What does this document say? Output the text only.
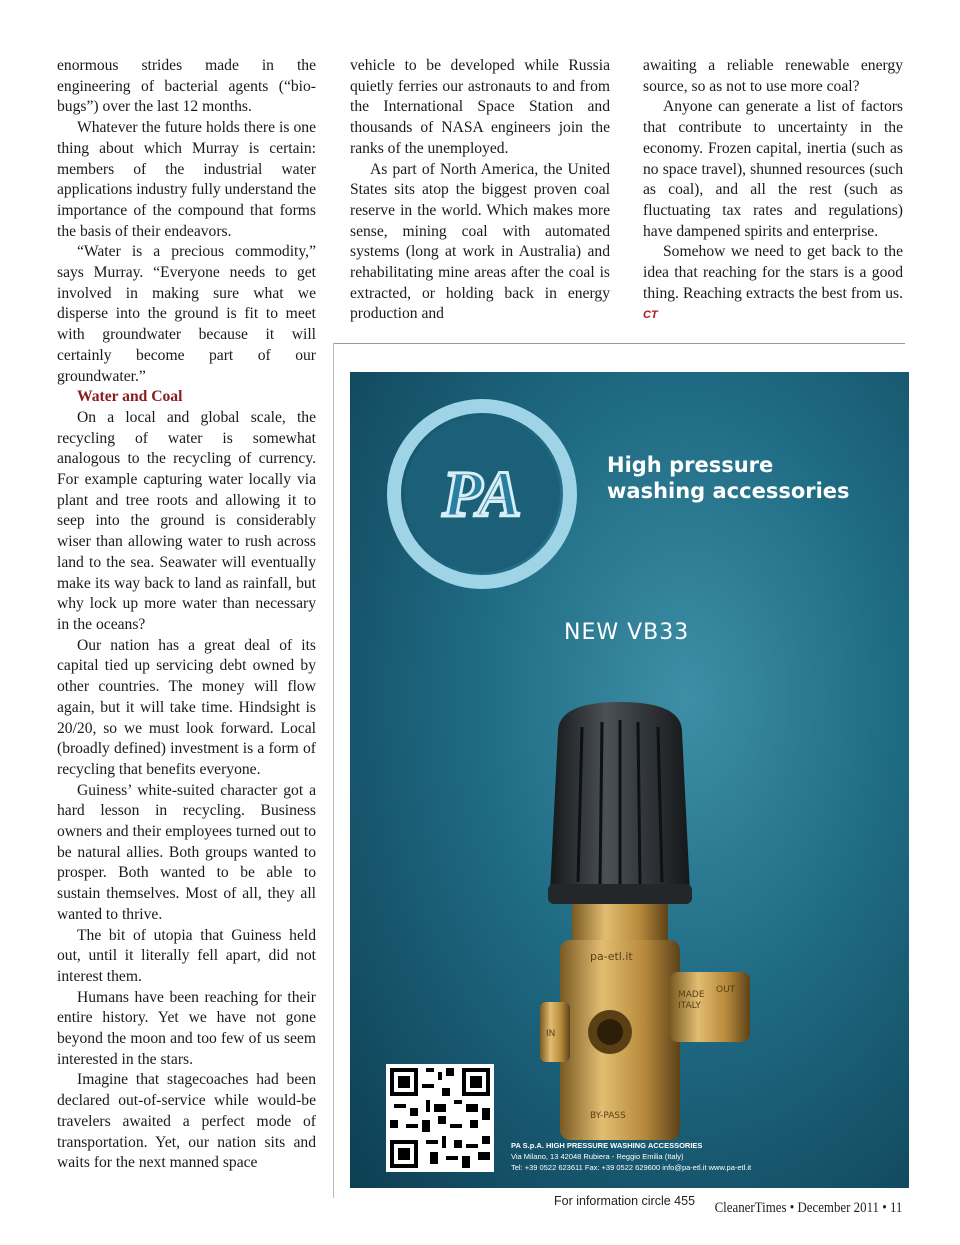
enormous strides made in the engineering of bacterial agents (“bio-bugs”) over the last 12 months.

Whatever the future holds there is one thing about which Murray is certain: members of the industrial water applications industry fully understand the importance of the compound that forms the basis of their endeavors.

“Water is a precious commodity,” says Murray. “Everyone needs to get involved in making sure what we disperse into the ground is fit to meet with groundwater because it will certainly become part of our groundwater.”

Water and Coal

On a local and global scale, the recycling of water is somewhat analogous to the recycling of currency. For example capturing water locally via plant and tree roots and allowing it to seep into the ground is considerably wiser than allowing water to rush across land to the sea. Seawater will eventually make its way back to land as rainfall, but why lock up more water than necessary in the oceans?

Our nation has a great deal of its capital tied up servicing debt owned by other countries. The money will flow again, but it will take time. Hindsight is 20/20, so we must look forward. Local (broadly defined) investment is a form of recycling that benefits everyone.

Guiness’ white-suited character got a hard lesson in recycling. Business owners and their employees turned out to be natural allies. Both groups wanted to prosper. Both wanted to be able to sustain themselves. Most of all, they all wanted to thrive.

The bit of utopia that Guiness held out, until it literally fell apart, did not interest them.

Humans have been reaching for their entire history. Yet we have not gone beyond the moon and too few of us seem interested in the stars.

Imagine that stagecoaches had been declared out-of-service while would-be travelers awaited a perfect mode of transportation. Yet, our nation sits and waits for the next manned space

vehicle to be developed while Russia quietly ferries our astronauts to and from the International Space Station and thousands of NASA engineers join the ranks of the unemployed.

As part of North America, the United States sits atop the biggest proven coal reserve in the world. Which makes more sense, mining coal with automated systems (long at work in Australia) and rehabilitating mine areas after the coal is extracted, or holding back in energy production and

awaiting a reliable renewable energy source, so as not to use more coal?

Anyone can generate a list of factors that contribute to uncertainty in the economy. Frozen capital, inertia (such as no space travel), shunned resources (such as coal), and all the rest (such as fluctuating tax rates and regulations) have dampened spirits and enterprise.

Somehow we need to get back to the idea that reaching for the stars is a good thing. Reaching extracts the best from us. CT

PA	High pressure
washing accessories
NEW VB33
pa-etl.it
MADE
ITALY
OUT
IN
BY-PASS
PA S.p.A. HIGH PRESSURE WASHING ACCESSORIES
Via Milano, 13 42048 Rubiera - Reggio Emilia (Italy)
Tel: +39 0522 623611 Fax: +39 0522 629600 info@pa-etl.it www.pa-etl.it
For information circle 455 CleanerTimes • December 2011 • 11
